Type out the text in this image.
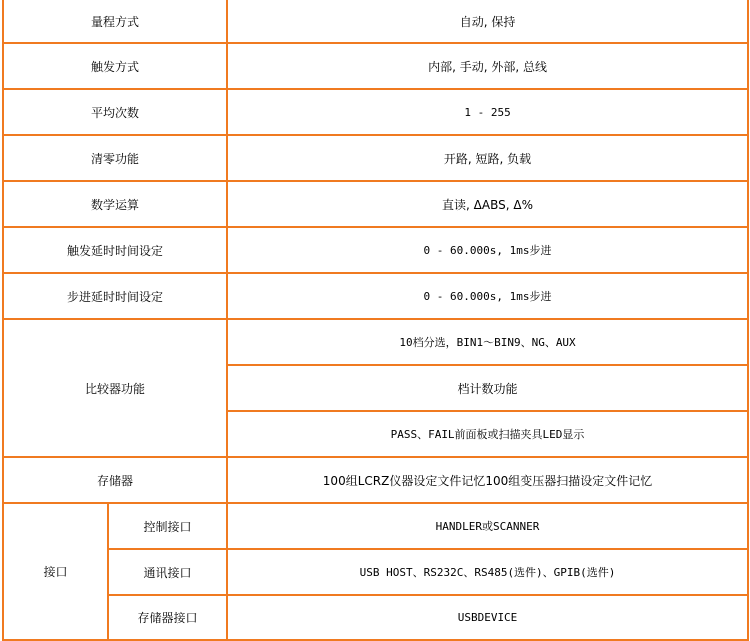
量程方式		自动, 保持
触发方式		内部, 手动, 外部, 总线
平均次数		1 - 255
清零功能		开路, 短路, 负载
数学运算		直读, ΔABS, Δ%
触发延时时间设定		0 - 60.000s, 1ms步进
步进延时时间设定		0 - 60.000s, 1ms步进
比较器功能		10档分选，BIN1～BIN9、NG、AUX
		档计数功能
		PASS、FAIL前面板或扫描夹具LED显示
存储器		100组LCRZ仪器设定文件记忆100组变压器扫描设定文件记忆
接口	控制接口	HANDLER或SCANNER
	通讯接口	USB HOST、RS232C、RS485(选件)、GPIB(选件)
	存储器接口	USBDEVICE
